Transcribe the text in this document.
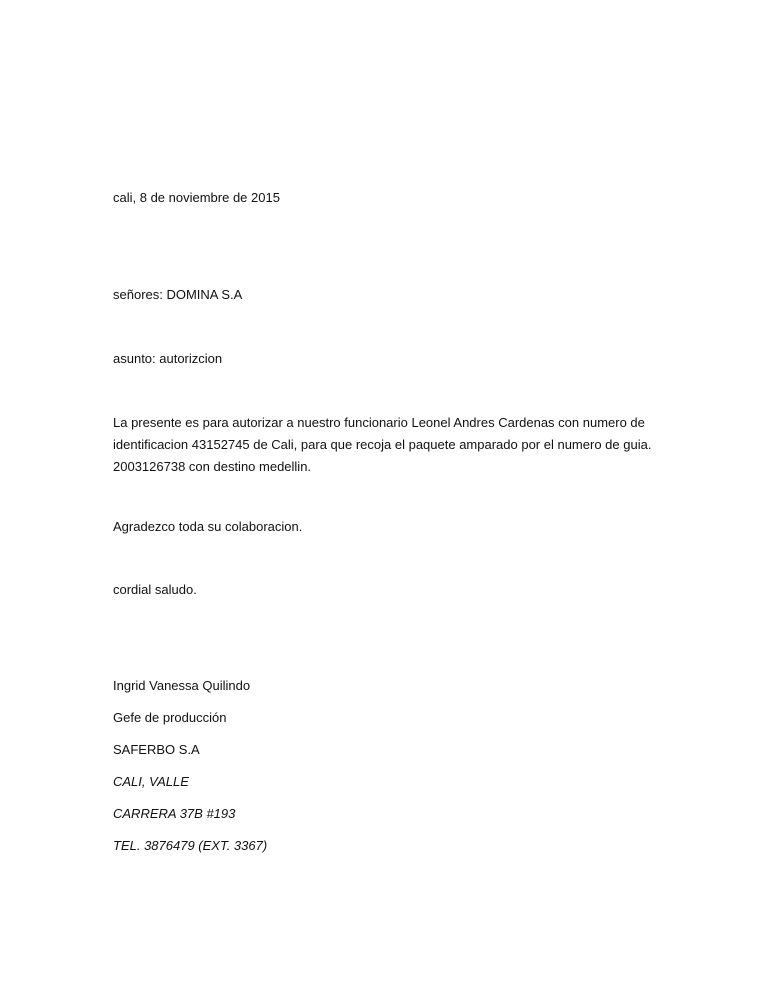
cali, 8 de noviembre de 2015
señores: DOMINA S.A
asunto: autorizcion
La presente es para autorizar a nuestro funcionario Leonel Andres Cardenas con numero de
identificacion 43152745 de Cali, para que recoja el paquete amparado por el numero de guia.
2003126738 con destino medellin.
Agradezco toda su colaboracion.
cordial saludo.
Ingrid Vanessa Quilindo
Gefe de producción
SAFERBO S.A
CALI, VALLE
CARRERA 37B #193
TEL. 3876479 (EXT. 3367)
